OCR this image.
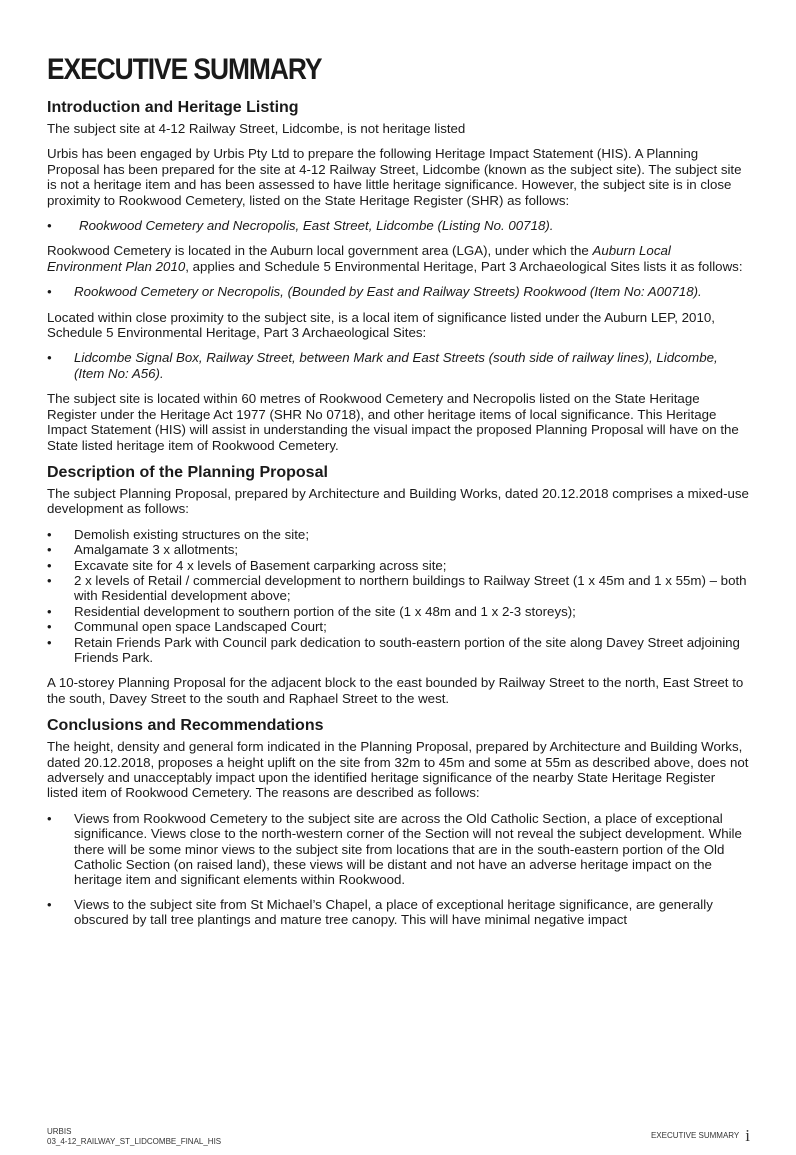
EXECUTIVE SUMMARY
Introduction and Heritage Listing

The subject site at 4-12 Railway Street, Lidcombe, is not heritage listed

Urbis has been engaged by Urbis Pty Ltd to prepare the following Heritage Impact Statement (HIS). A Planning Proposal has been prepared for the site at 4-12 Railway Street, Lidcombe (known as the subject site). The subject site is not a heritage item and has been assessed to have little heritage significance. However, the subject site is in close proximity to Rookwood Cemetery, listed on the State Heritage Register (SHR) as follows:

• Rookwood Cemetery and Necropolis, East Street, Lidcombe (Listing No. 00718).

Rookwood Cemetery is located in the Auburn local government area (LGA), under which the Auburn Local Environment Plan 2010, applies and Schedule 5 Environmental Heritage, Part 3 Archaeological Sites lists it as follows:

• Rookwood Cemetery or Necropolis, (Bounded by East and Railway Streets) Rookwood (Item No: A00718).

Located within close proximity to the subject site, is a local item of significance listed under the Auburn LEP, 2010, Schedule 5 Environmental Heritage, Part 3 Archaeological Sites:

• Lidcombe Signal Box, Railway Street, between Mark and East Streets (south side of railway lines), Lidcombe, (Item No: A56).

The subject site is located within 60 metres of Rookwood Cemetery and Necropolis listed on the State Heritage Register under the Heritage Act 1977 (SHR No 0718), and other heritage items of local significance. This Heritage Impact Statement (HIS) will assist in understanding the visual impact the proposed Planning Proposal will have on the State listed heritage item of Rookwood Cemetery.

Description of the Planning Proposal

The subject Planning Proposal, prepared by Architecture and Building Works, dated 20.12.2018 comprises a mixed-use development as follows:

• Demolish existing structures on the site;
• Amalgamate 3 x allotments;
• Excavate site for 4 x levels of Basement carparking across site;
• 2 x levels of Retail / commercial development to northern buildings to Railway Street (1 x 45m and 1 x 55m) – both with Residential development above;
• Residential development to southern portion of the site (1 x 48m and 1 x 2-3 storeys);
• Communal open space Landscaped Court;
• Retain Friends Park with Council park dedication to south-eastern portion of the site along Davey Street adjoining Friends Park.

A 10-storey Planning Proposal for the adjacent block to the east bounded by Railway Street to the north, East Street to the south, Davey Street to the south and Raphael Street to the west.

Conclusions and Recommendations

The height, density and general form indicated in the Planning Proposal, prepared by Architecture and Building Works, dated 20.12.2018, proposes a height uplift on the site from 32m to 45m and some at 55m as described above, does not adversely and unacceptably impact upon the identified heritage significance of the nearby State Heritage Register listed item of Rookwood Cemetery. The reasons are described as follows:

• Views from Rookwood Cemetery to the subject site are across the Old Catholic Section, a place of exceptional significance. Views close to the north-western corner of the Section will not reveal the subject development. While there will be some minor views to the subject site from locations that are in the south-eastern portion of the Old Catholic Section (on raised land), these views will be distant and not have an adverse heritage impact on the heritage item and significant elements within Rookwood.
• Views to the subject site from St Michael’s Chapel, a place of exceptional heritage significance, are generally obscured by tall tree plantings and mature tree canopy. This will have minimal negative impact
URBIS
03_4-12_RAILWAY_ST_LIDCOMBE_FINAL_HIS
EXECUTIVE SUMMARY i
